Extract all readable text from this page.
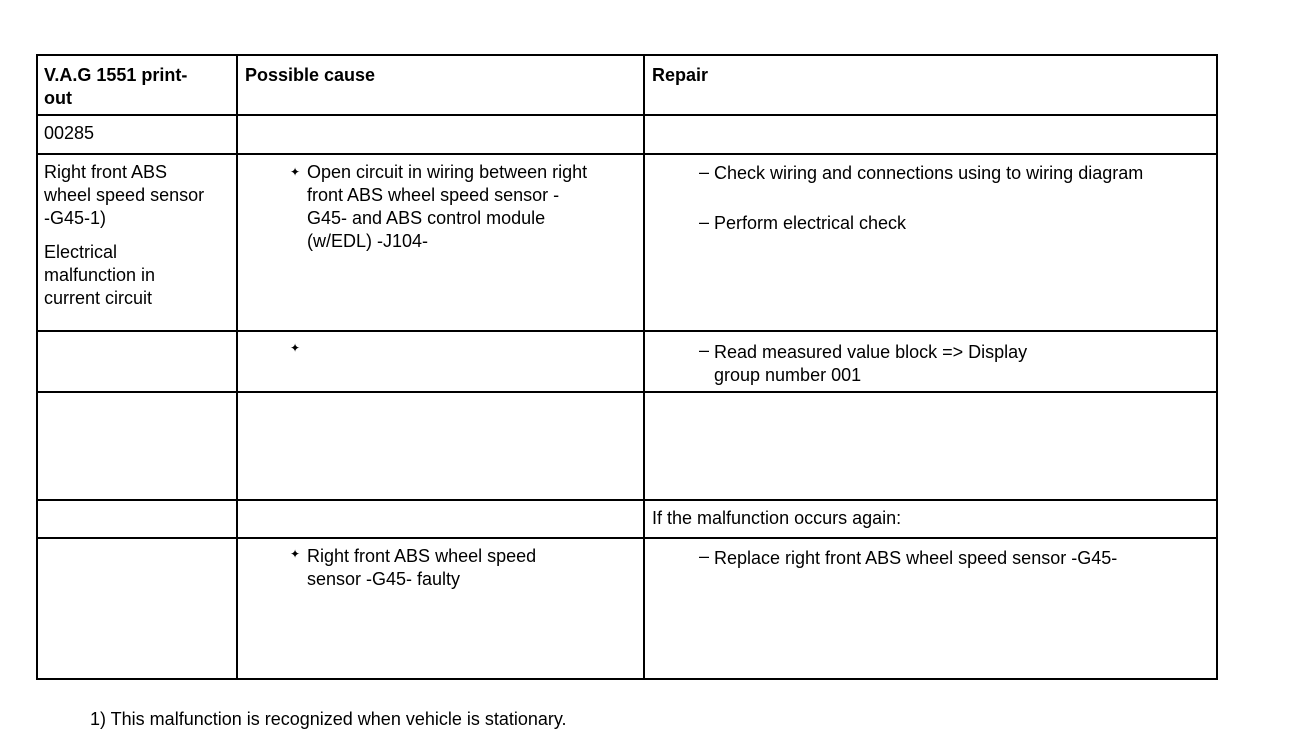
V.A.G 1551 print-
out
Possible cause	Repair
00285
Right front ABS
wheel speed sensor
-G45-1)
Electrical
malfunction in
current circuit
✦ Open circuit in wiring between right
front ABS wheel speed sensor -
G45- and ABS control module
(w/EDL) -J104-
– Check wiring and connections using to wiring diagram
– Perform electrical check
✦	– Read measured value block => Display
group number 001
If the malfunction occurs again:
✦ Right front ABS wheel speed
sensor -G45- faulty
– Replace right front ABS wheel speed sensor -G45-
1) This malfunction is recognized when vehicle is stationary.
